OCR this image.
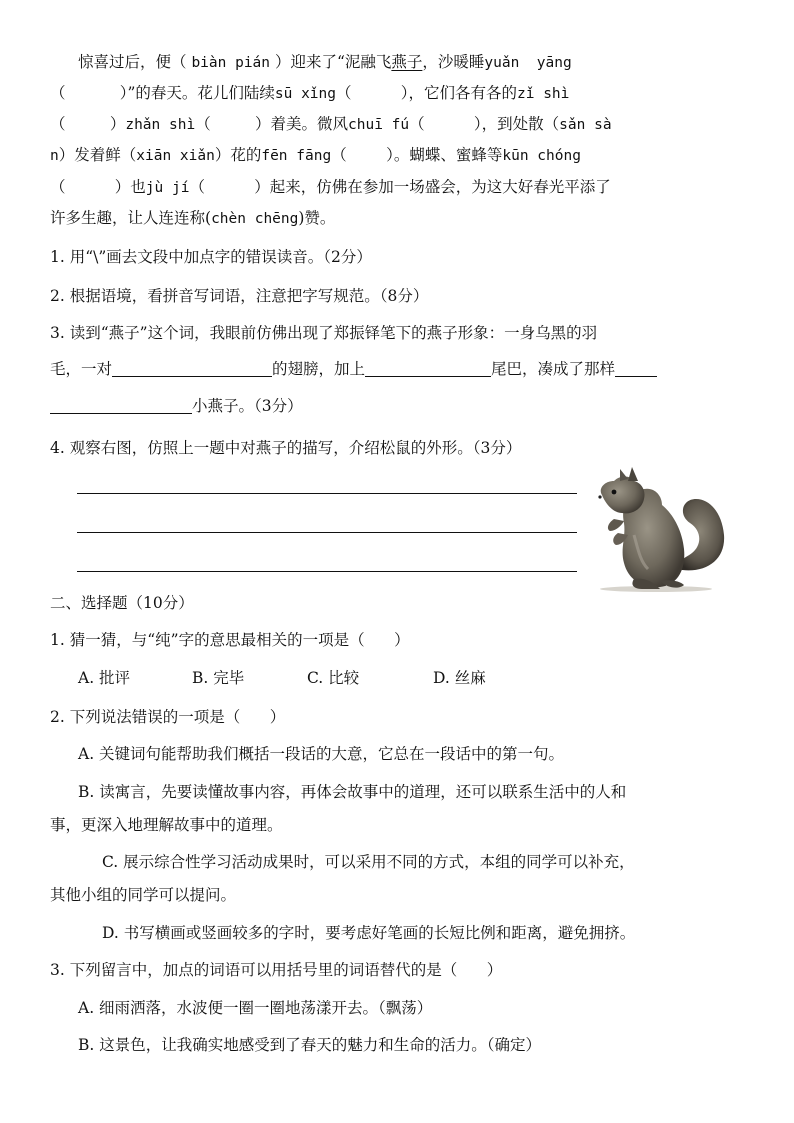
惊喜过后，便（ biàn pián ）迎来了“泥融飞燕子，沙暖睡yuǎn  yāng
（           ）”的春天。花儿们陆续sū xǐng（          ），它们各有各的zǐ shì
（         ）zhǎn shì（         ）着美。微风chuī fú（          ），到处散（sǎn sà
n）发着鲜（xiān xiǎn）花的fēn fāng（        ）。蝴蝶、蜜蜂等kūn chóng
（          ）也jù jí（          ）起来，仿佛在参加一场盛会，为这大好春光平添了
许多生趣，让人连连称(chèn chēng)赞。
1. 用“\”画去文段中加点字的错误读音。（2分）
2. 根据语境，看拼音写词语，注意把字写规范。（8分）
3. 读到“燕子”这个词，我眼前仿佛出现了郑振铎笔下的燕子形象：一身乌黑的羽
毛，一对	的翅膀，加上	尾巴，凑成了那样
小燕子。（3分）
4. 观察右图，仿照上一题中对燕子的描写，介绍松鼠的外形。（3分）
二、选择题（10分）
1. 猜一猜，与“纯”字的意思最相关的一项是（      ）
A. 批评	B. 完毕	C. 比较	D. 丝麻
2. 下列说法错误的一项是（      ）
A. 关键词句能帮助我们概括一段话的大意，它总在一段话中的第一句。
B. 读寓言，先要读懂故事内容，再体会故事中的道理，还可以联系生活中的人和
事，更深入地理解故事中的道理。
C. 展示综合性学习活动成果时，可以采用不同的方式，本组的同学可以补充，
其他小组的同学可以提问。
D. 书写横画或竖画较多的字时，要考虑好笔画的长短比例和距离，避免拥挤。
3. 下列留言中，加点的词语可以用括号里的词语替代的是（      ）
A. 细雨洒落，水波便一圈一圈地荡漾开去。（飘荡）
B. 这景色，让我确实地感受到了春天的魅力和生命的活力。（确定）
